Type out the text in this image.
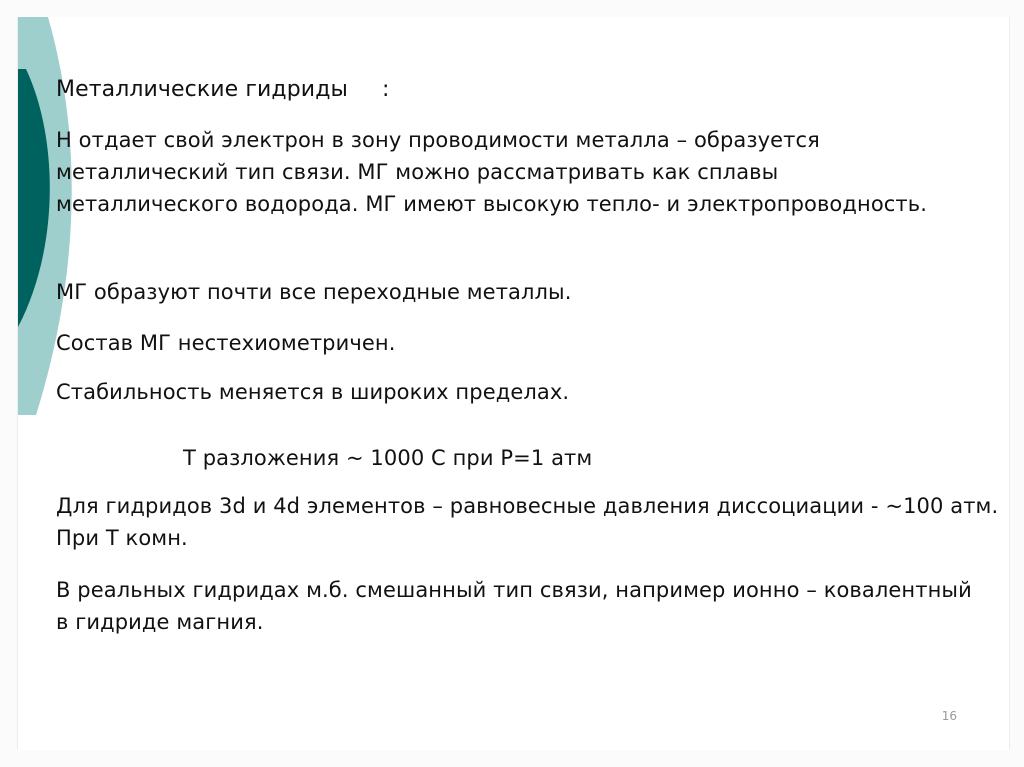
Металлические гидриды :
Н отдает свой электрон в зону проводимости металла – образуется металлический тип связи. МГ можно рассматривать как сплавы металлического водорода. МГ имеют высокую тепло- и электропроводность.
МГ образуют почти все переходные металлы.
Состав МГ нестехиометричен.
Стабильность меняется в широких пределах.
Т разложения ~ 1000 С при Р=1 атм
Для гидридов 3d и 4d элементов – равновесные давления диссоциации - ~100 атм. При Т комн.
В реальных гидридах м.б. смешанный тип связи, например ионно – ковалентный в гидриде магния.
16
